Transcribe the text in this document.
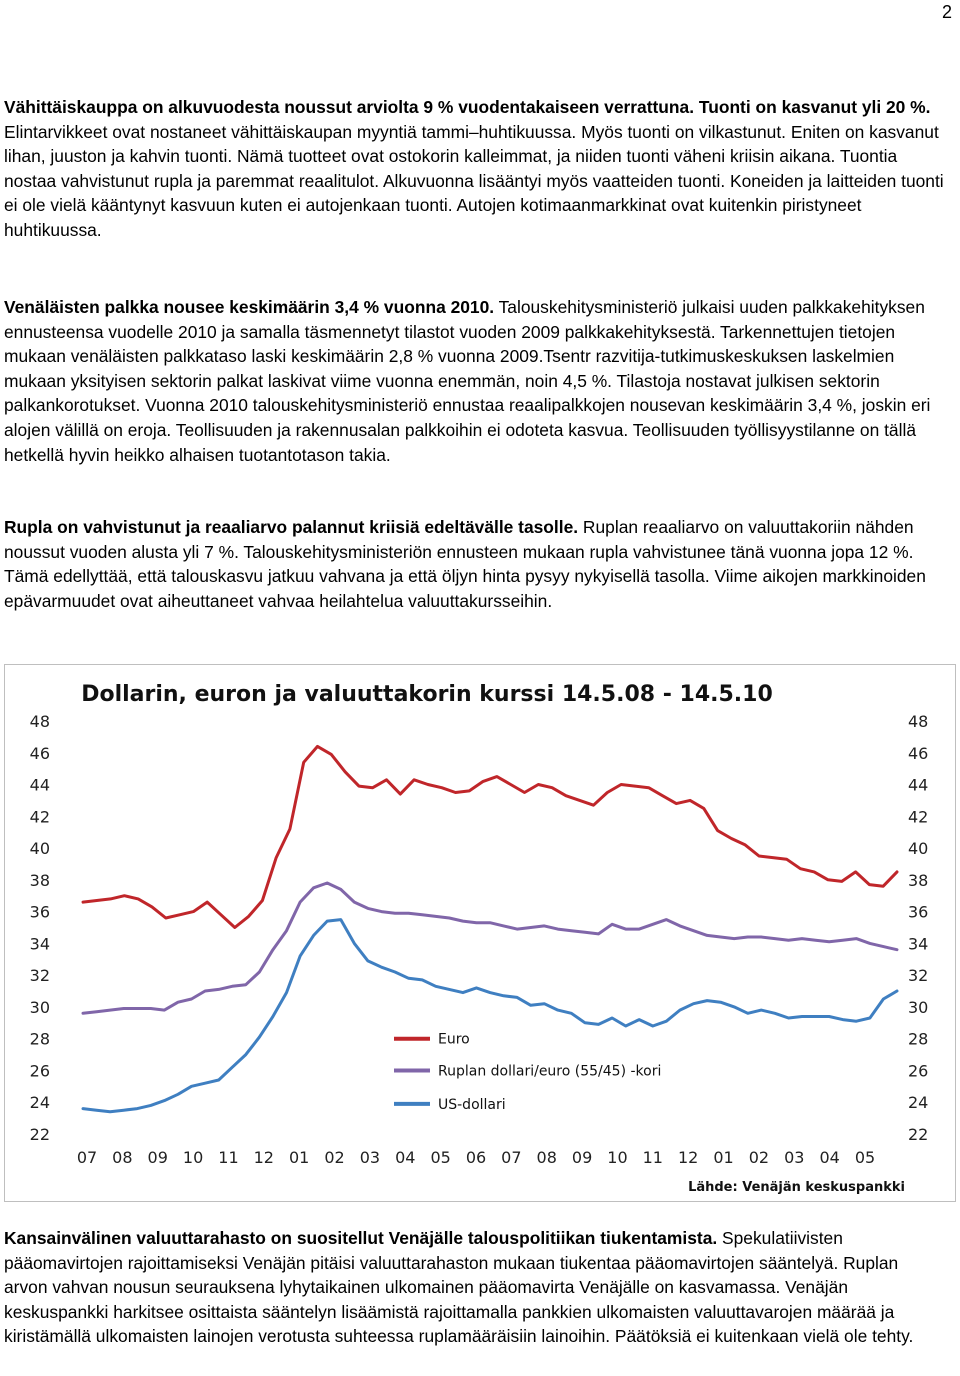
2

Vähittäiskauppa on alkuvuodesta noussut arviolta 9 % vuodentakaiseen verrattuna. Tuonti on kasvanut yli 20 %. Elintarvikkeet ovat nostaneet vähittäiskaupan myyntiä tammi–huhtikuussa. Myös tuonti on vilkastunut. Eniten on kasvanut lihan, juuston ja kahvin tuonti. Nämä tuotteet ovat ostokorin kalleimmat, ja niiden tuonti väheni kriisin aikana. Tuontia nostaa vahvistunut rupla ja paremmat reaalitulot. Alkuvuonna lisääntyi myös vaatteiden tuonti. Koneiden ja laitteiden tuonti ei ole vielä kääntynyt kasvuun kuten ei autojenkaan tuonti. Autojen kotimaanmarkkinat ovat kuitenkin piristyneet huhtikuussa.

Venäläisten palkka nousee keskimäärin 3,4 % vuonna 2010. Talouskehitysministeriö julkaisi uuden palkkakehityksen ennusteensa vuodelle 2010 ja samalla täsmennetyt tilastot vuoden 2009 palkkakehityksestä. Tarkennettujen tietojen mukaan venäläisten palkkataso laski keskimäärin 2,8 % vuonna 2009.Tsentr razvitija-tutkimuskeskuksen laskelmien mukaan yksityisen sektorin palkat laskivat viime vuonna enemmän, noin 4,5 %. Tilastoja nostavat julkisen sektorin palkankorotukset. Vuonna 2010 talouskehitysministeriö ennustaa reaalipalkkojen nousevan keskimäärin 3,4 %, joskin eri alojen välillä on eroja. Teollisuuden ja rakennusalan palkkoihin ei odoteta kasvua. Teollisuuden työllisyystilanne on tällä hetkellä hyvin heikko alhaisen tuotantotason takia.

Rupla on vahvistunut ja reaaliarvo palannut kriisiä edeltävälle tasolle. Ruplan reaaliarvo on valuuttakoriin nähden noussut vuoden alusta yli 7 %. Talouskehitysministeriön ennusteen mukaan rupla vahvistunee tänä vuonna jopa 12 %. Tämä edellyttää, että talouskasvu jatkuu vahvana ja että öljyn hinta pysyy nykyisellä tasolla. Viime aikojen markkinoiden epävarmuudet ovat aiheuttaneet vahvaa heilahtelua valuuttakursseihin.

Dollarin, euron ja valuuttakorin kurssi 14.5.08 - 14.5.10
Lähde: Venäjän keskuspankki
48
46
44
42
40
38
36
34
32
30
28
26
24
22
48
46
44
42
40
38
36
34
32
30
28
26
24
22
07 08 09 10 11 12 01 02 03 04 05 06 07 08 09 10 11 12 01 02 03 04 05
Euro
Ruplan dollari/euro (55/45) -kori
US-dollari

Kansainvälinen valuuttarahasto on suositellut Venäjälle talouspolitiikan tiukentamista. Spekulatiivisten pääomavirtojen rajoittamiseksi Venäjän pitäisi valuuttarahaston mukaan tiukentaa pääomavirtojen sääntelyä. Ruplan arvon vahvan nousun seurauksena lyhytaikainen ulkomainen pääomavirta Venäjälle on kasvamassa. Venäjän keskuspankki harkitsee osittaista sääntelyn lisäämistä rajoittamalla pankkien ulkomaisten valuuttavarojen määrää ja kiristämällä ulkomaisten lainojen verotusta suhteessa ruplamääräisiin lainoihin. Päätöksiä ei kuitenkaan vielä ole tehty.
